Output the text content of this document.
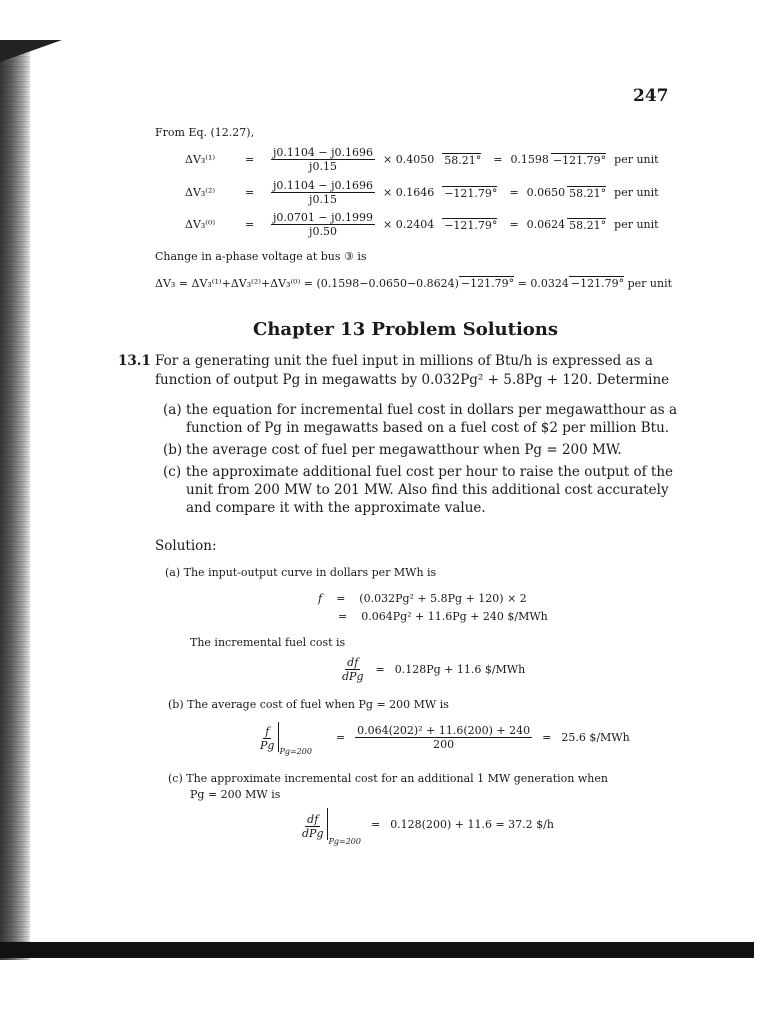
247
From Eq. (12.27),
ΔV₃⁽¹⁾	=	$\frac{j0.1104 - j0.1696}{j0.15} \times 0.4050$ 58.21° = 0.1598 −121.79° per unit
ΔV₃⁽²⁾	=	$\frac{j0.1104 - j0.1696}{j0.15} \times 0.1646 -121.79^\circ = 0.0650$ 58.21° per unit
ΔV₃⁽⁰⁾	=	$\frac{j0.0701 - j0.1999}{j0.50} \times 0.2404 -121.79^\circ = 0.0624$ 58.21° per unit
Change in a-phase voltage at bus ③ is
ΔV₃ = ΔV₃⁽¹⁾+ΔV₃⁽²⁾+ΔV₃⁽⁰⁾ = (0.1598−0.0650−0.8624) −121.79° = 0.0324 −121.79° per unit
Chapter 13 Problem Solutions
13.1 For a generating unit the fuel input in millions of Btu/h is expressed as a
function of output Pg in megawatts by 0.032Pg² + 5.8Pg + 120. Determine
(a) the equation for incremental fuel cost in dollars per megawatthour as a
function of Pg in megawatts based on a fuel cost of $2 per million Btu.
(b) the average cost of fuel per megawatthour when Pg = 200 MW.
(c) the approximate additional fuel cost per hour to raise the output of the
unit from 200 MW to 201 MW. Also find this additional cost accurately
and compare it with the approximate value.
Solution:
(a) The input-output curve in dollars per MWh is
f = (0.032Pg² + 5.8Pg + 120) × 2
= 0.064Pg² + 11.6Pg + 240 $/MWh
The incremental fuel cost is
$\frac{df}{\text{dPg}} = 0.128Pg + 11.6$ $/MWh
(b) The average cost of fuel when Pg = 200 MW is
$\frac{f}{Pg} Pg=200$
= $\frac{\text{0.064(202)² + 11.6(200) + 240}}{200} = 25.6$ $/MWh
(c) The approximate incremental cost for an additional 1 MW generation when
Pg = 200 MW is
$\frac{df}{\text{dPg}}$
Pg=200
= 0.128(200) + 11.6 = 37.2 $/h
